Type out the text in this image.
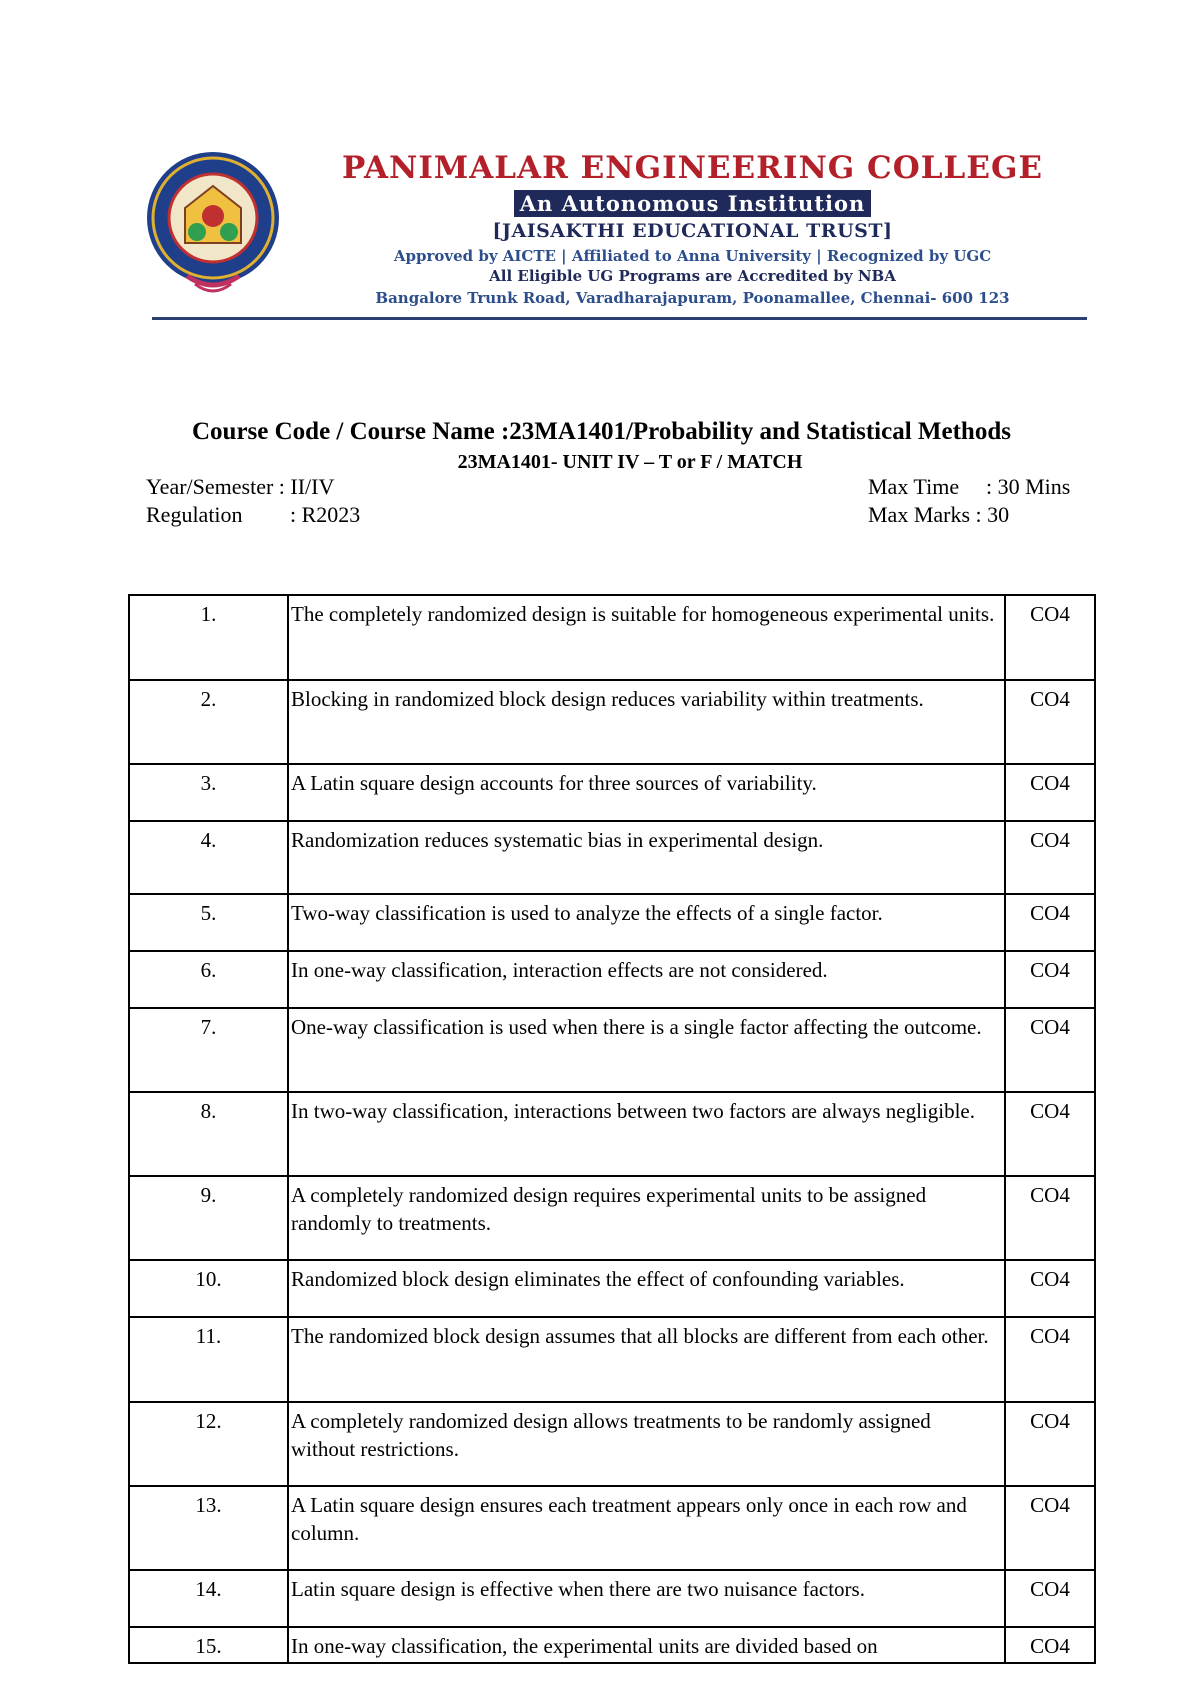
PANIMALAR ENGINEERING COLLEGE
An Autonomous Institution
[JAISAKTHI EDUCATIONAL TRUST]
Approved by AICTE | Affiliated to Anna University | Recognized by UGC
All Eligible UG Programs are Accredited by NBA
Bangalore Trunk Road, Varadharajapuram, Poonamallee, Chennai- 600 123
Course Code / Course Name :23MA1401/Probability and Statistical Methods
23MA1401- UNIT IV – T or F / MATCH
Year/Semester : II/IV
Regulation : R2023
Max Time : 30 Mins
Max Marks : 30
1.	The completely randomized design is suitable for homogeneous experimental units.	CO4
2.	Blocking in randomized block design reduces variability within treatments.	CO4
3.	A Latin square design accounts for three sources of variability.	CO4
4.	Randomization reduces systematic bias in experimental design.	CO4
5.	Two-way classification is used to analyze the effects of a single factor.	CO4
6.	In one-way classification, interaction effects are not considered.	CO4
7.	One-way classification is used when there is a single factor affecting the outcome.	CO4
8.	In two-way classification, interactions between two factors are always negligible.	CO4
9.	A completely randomized design requires experimental units to be assigned randomly to treatments.	CO4
10.	Randomized block design eliminates the effect of confounding variables.	CO4
11.	The randomized block design assumes that all blocks are different from each other.	CO4
12.	A completely randomized design allows treatments to be randomly assigned without restrictions.	CO4
13.	A Latin square design ensures each treatment appears only once in each row and column.	CO4
14.	Latin square design is effective when there are two nuisance factors.	CO4
15.	In one-way classification, the experimental units are divided based on	CO4
